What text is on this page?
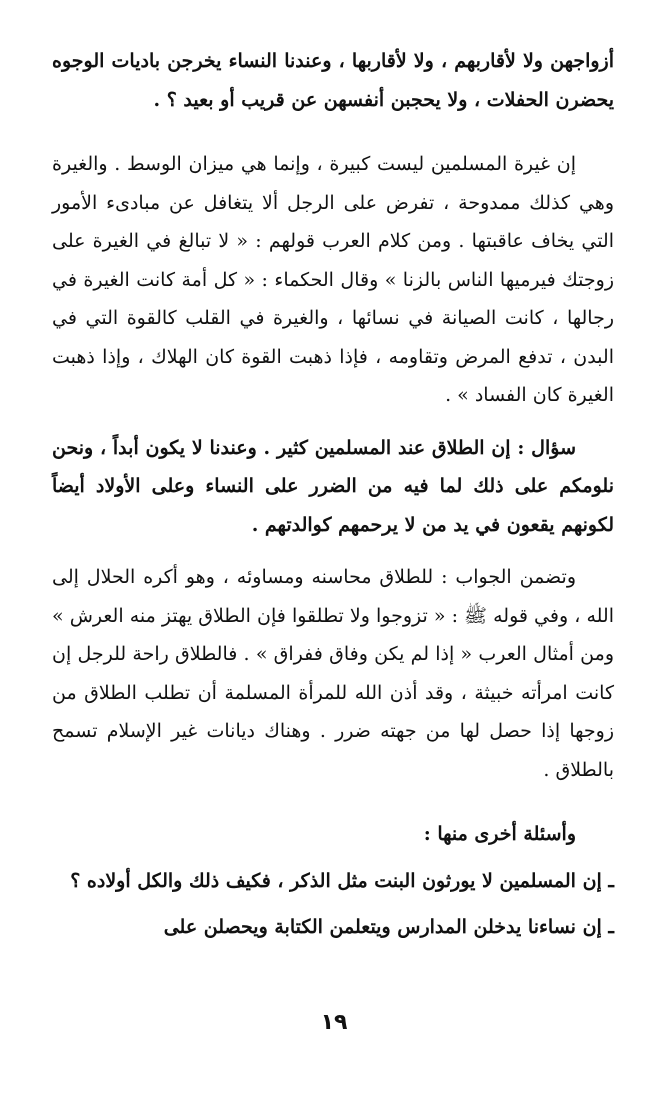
أزواجهن ولا لأقاربهم ، ولا لأقاربها ، وعندنا النساء يخرجن باديات الوجوه يحضرن الحفلات ، ولا يحجبن أنفسهن عن قريب أو بعيد ؟ .

إن غيرة المسلمين ليست كبيرة ، وإنما هي ميزان الوسط . والغيرة وهي كذلك ممدوحة ، تفرض على الرجل ألا يتغافل عن مبادىء الأمور التي يخاف عاقبتها . ومن كلام العرب قولهم : « لا تبالغ في الغيرة على زوجتك فيرميها الناس بالزنا » وقال الحكماء : « كل أمة كانت الغيرة في رجالها ، كانت الصيانة في نسائها ، والغيرة في القلب كالقوة التي في البدن ، تدفع المرض وتقاومه ، فإذا ذهبت القوة كان الهلاك ، وإذا ذهبت الغيرة كان الفساد » .

سؤال : إن الطلاق عند المسلمين كثير . وعندنا لا يكون أبداً ، ونحن نلومكم على ذلك لما فيه من الضرر على النساء وعلى الأولاد أيضاً لكونهم يقعون في يد من لا يرحمهم كوالدتهم .

وتضمن الجواب : للطلاق محاسنه ومساوئه ، وهو أكره الحلال إلى الله ، وفي قوله ﷺ : « تزوجوا ولا تطلقوا فإن الطلاق يهتز منه العرش » ومن أمثال العرب « إذا لم يكن وفاق ففراق » . فالطلاق راحة للرجل إن كانت امرأته خبيثة ، وقد أذن الله للمرأة المسلمة أن تطلب الطلاق من زوجها إذا حصل لها من جهته ضرر . وهناك ديانات غير الإسلام تسمح بالطلاق .

وأسئلة أخرى منها :

ـ إن المسلمين لا يورثون البنت مثل الذكر ، فكيف ذلك والكل أولاده ؟

ـ إن نساءنا يدخلن المدارس ويتعلمن الكتابة ويحصلن على

١٩
